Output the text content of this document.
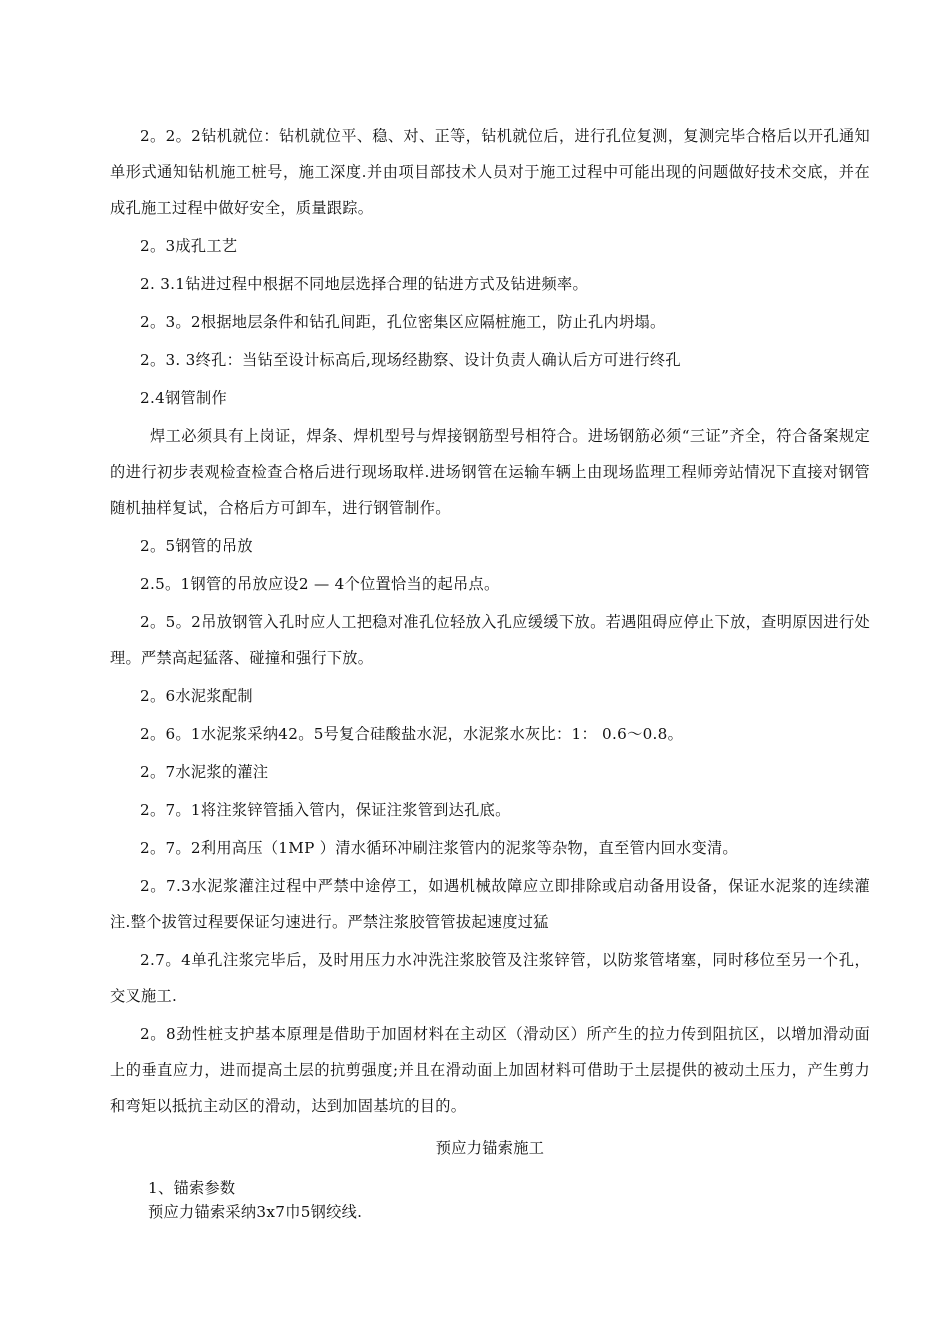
2。2。2钻机就位：钻机就位平、稳、对、正等，钻机就位后，进行孔位复测，复测完毕合格后以开孔通知单形式通知钻机施工桩号，施工深度.并由项目部技术人员对于施工过程中可能出现的问题做好技术交底，并在成孔施工过程中做好安全，质量跟踪。

2。3成孔工艺

2. 3.1钻进过程中根据不同地层选择合理的钻进方式及钻进频率。

2。3。2根据地层条件和钻孔间距，孔位密集区应隔桩施工，防止孔内坍塌。

2。3. 3终孔：当钻至设计标高后,现场经勘察、设计负责人确认后方可进行终孔

2.4钢管制作

焊工必须具有上岗证，焊条、焊机型号与焊接钢筋型号相符合。进场钢筋必须“三证”齐全，符合备案规定的进行初步表观检查检查合格后进行现场取样.进场钢管在运输车辆上由现场监理工程师旁站情况下直接对钢管随机抽样复试，合格后方可卸车，进行钢管制作。

2。5钢管的吊放

2.5。1钢管的吊放应设2 — 4个位置恰当的起吊点。

2。5。2吊放钢管入孔时应人工把稳对准孔位轻放入孔应缓缓下放。若遇阻碍应停止下放，查明原因进行处理。严禁高起猛落、碰撞和强行下放。

2。6水泥浆配制

2。6。1水泥浆采纳42。5号复合硅酸盐水泥，水泥浆水灰比：1： 0.6〜0.8。

2。7水泥浆的灌注

2。7。1将注浆锌管插入管内，保证注浆管到达孔底。

2。7。2利用高压（1MP ）清水循环冲刷注浆管内的泥浆等杂物，直至管内回水变清。

2。7.3水泥浆灌注过程中严禁中途停工，如遇机械故障应立即排除或启动备用设备，保证水泥浆的连续灌注.整个拔管过程要保证匀速进行。严禁注浆胶管管拔起速度过猛

2.7。4单孔注浆完毕后，及时用压力水冲洗注浆胶管及注浆锌管，以防浆管堵塞，同时移位至另一个孔，交叉施工.

2。8劲性桩支护基本原理是借助于加固材料在主动区（滑动区）所产生的拉力传到阻抗区，以增加滑动面上的垂直应力，进而提高土层的抗剪强度;并且在滑动面上加固材料可借助于土层提供的被动土压力，产生剪力和弯矩以抵抗主动区的滑动，达到加固基坑的目的。

预应力锚索施工

1、锚索参数

预应力锚索采纳3x7巾5钢绞线.
